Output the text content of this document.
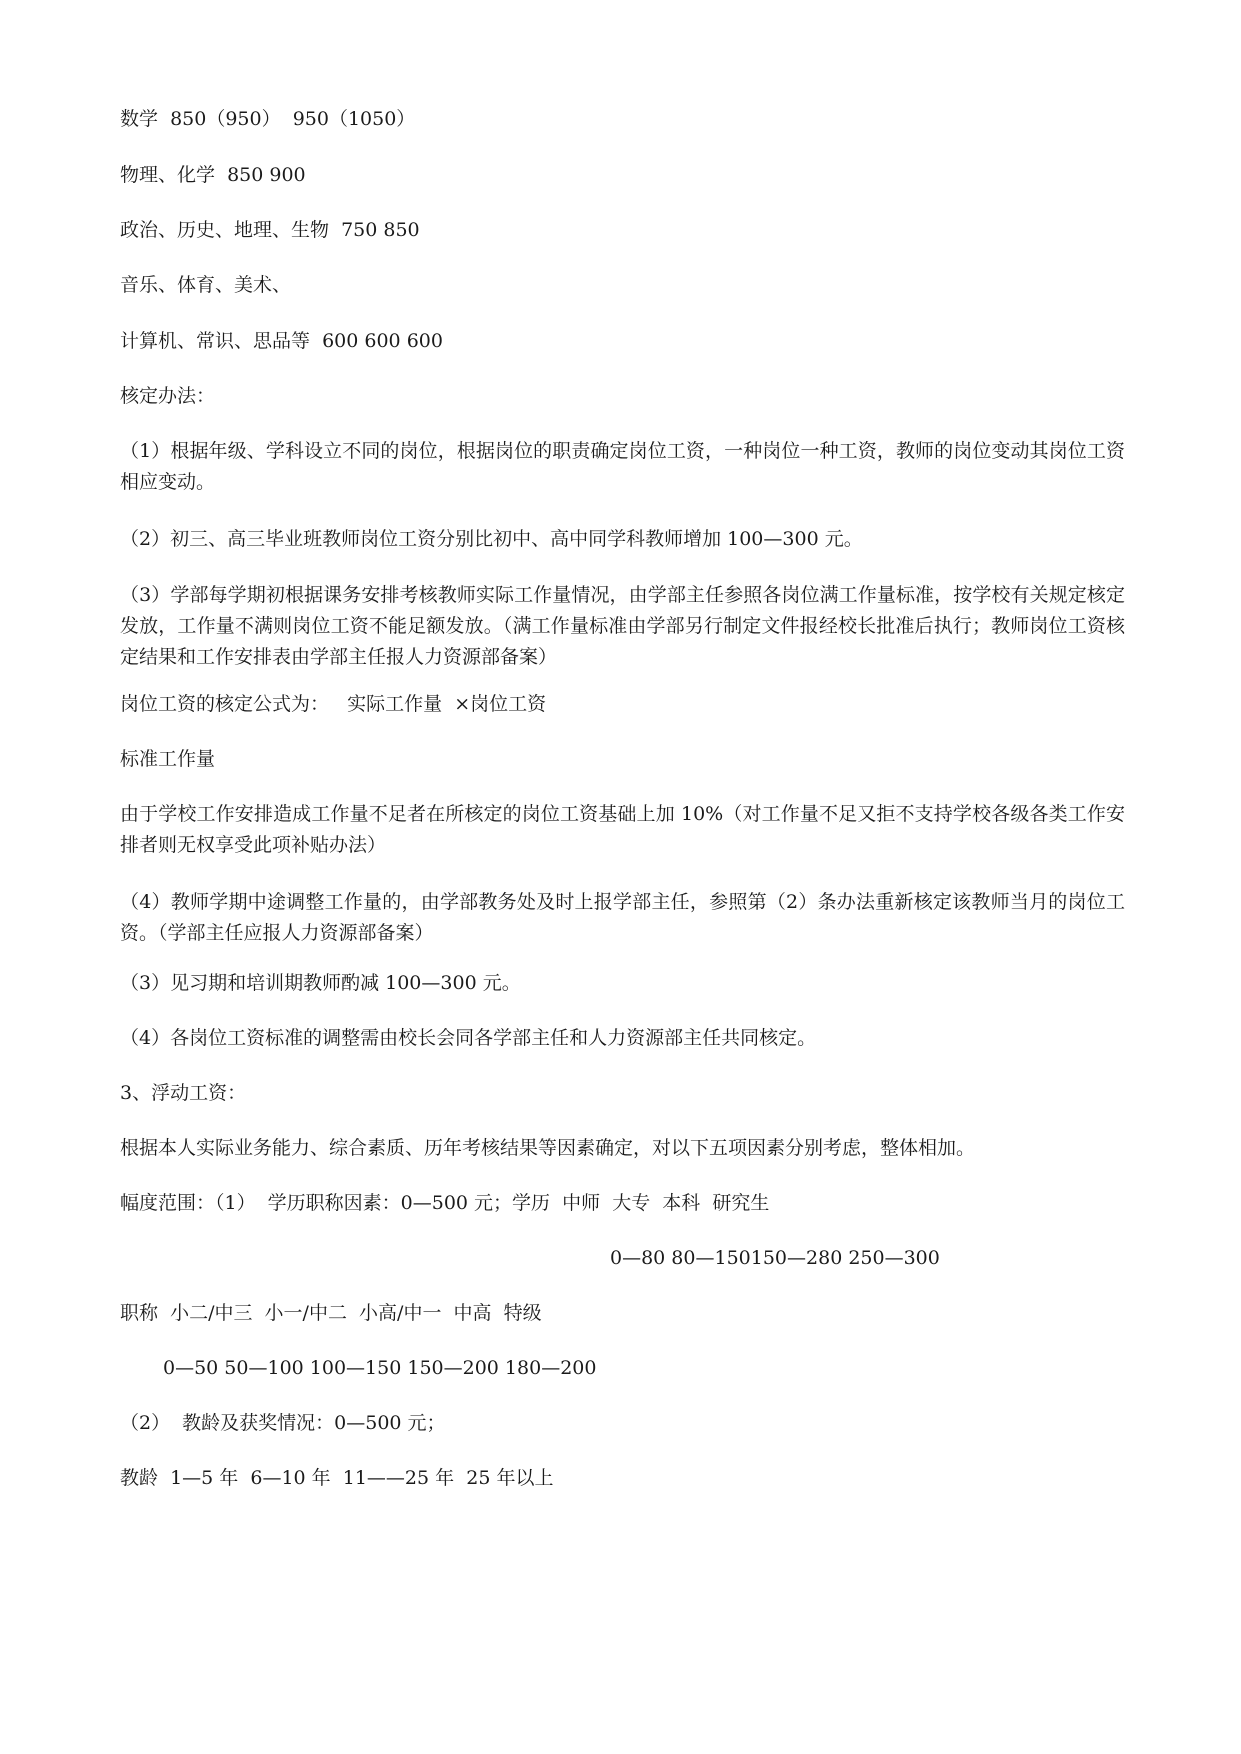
数学  850（950）  950（1050）
物理、化学  850 900
政治、历史、地理、生物  750 850
音乐、体育、美术、
计算机、常识、思品等  600 600 600
核定办法：
（1）根据年级、学科设立不同的岗位，根据岗位的职责确定岗位工资，一种岗位一种工资，教师的岗位变动其岗位工资相应变动。
（2）初三、高三毕业班教师岗位工资分别比初中、高中同学科教师增加 100—300 元。
（3）学部每学期初根据课务安排考核教师实际工作量情况，由学部主任参照各岗位满工作量标准，按学校有关规定核定发放，工作量不满则岗位工资不能足额发放。（满工作量标准由学部另行制定文件报经校长批准后执行；教师岗位工资核定结果和工作安排表由学部主任报人力资源部备案）
岗位工资的核定公式为：   实际工作量  ×岗位工资
标准工作量
由于学校工作安排造成工作量不足者在所核定的岗位工资基础上加 10%（对工作量不足又拒不支持学校各级各类工作安排者则无权享受此项补贴办法）
（4）教师学期中途调整工作量的，由学部教务处及时上报学部主任，参照第（2）条办法重新核定该教师当月的岗位工资。（学部主任应报人力资源部备案）
（3）见习期和培训期教师酌减 100—300 元。
（4）各岗位工资标准的调整需由校长会同各学部主任和人力资源部主任共同核定。
3、浮动工资：
根据本人实际业务能力、综合素质、历年考核结果等因素确定，对以下五项因素分别考虑，整体相加。
幅度范围：（1）  学历职称因素：0—500 元；学历  中师  大专  本科  研究生
0—80 80—150150—280 250—300
职称  小二/中三  小一/中二  小高/中一  中高  特级
0—50 50—100 100—150 150—200 180—200
（2）  教龄及获奖情况：0—500 元；
教龄  1—5 年  6—10 年  11——25 年  25 年以上
